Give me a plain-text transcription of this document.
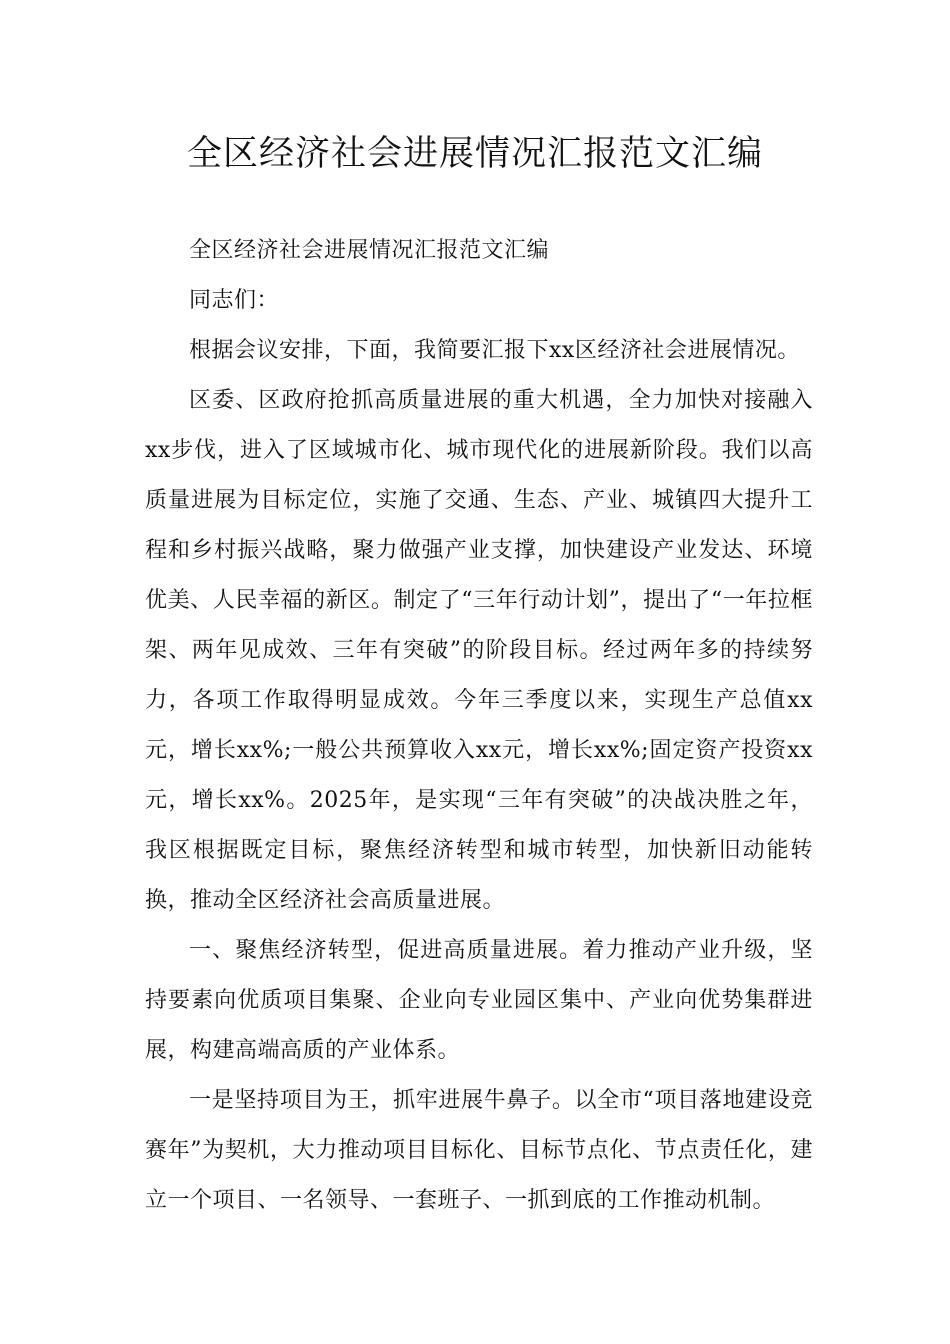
全区经济社会进展情况汇报范文汇编

全区经济社会进展情况汇报范文汇编

同志们：

根据会议安排，下面，我简要汇报下xx区经济社会进展情况。

区委、区政府抢抓高质量进展的重大机遇，全力加快对接融入xx步伐，进入了区域城市化、城市现代化的进展新阶段。我们以高质量进展为目标定位，实施了交通、生态、产业、城镇四大提升工程和乡村振兴战略，聚力做强产业支撑，加快建设产业发达、环境优美、人民幸福的新区。制定了“三年行动计划”，提出了“一年拉框架、两年见成效、三年有突破”的阶段目标。经过两年多的持续努力，各项工作取得明显成效。今年三季度以来，实现生产总值xx元，增长xx%;一般公共预算收入xx元，增长xx%;固定资产投资xx元，增长xx%。2025年，是实现“三年有突破”的决战决胜之年，我区根据既定目标，聚焦经济转型和城市转型，加快新旧动能转换，推动全区经济社会高质量进展。

一、聚焦经济转型，促进高质量进展。着力推动产业升级，坚持要素向优质项目集聚、企业向专业园区集中、产业向优势集群进展，构建高端高质的产业体系。

一是坚持项目为王，抓牢进展牛鼻子。以全市“项目落地建设竞赛年”为契机，大力推动项目目标化、目标节点化、节点责任化，建立一个项目、一名领导、一套班子、一抓到底的工作推动机制。
